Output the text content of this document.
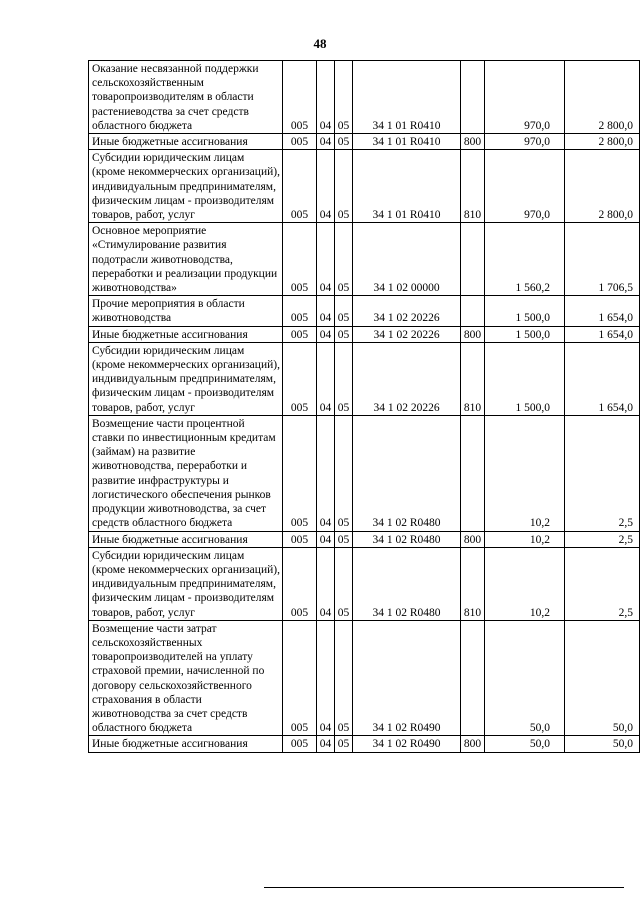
48
Оказание несвязанной поддержки сельскохозяйственным товаропроизводителям в области растениеводства за счет средств областного бюджета	005	04	05	34 1 01 R0410		970,0	2 800,0
Иные бюджетные ассигнования	005	04	05	34 1 01 R0410	800	970,0	2 800,0
Субсидии юридическим лицам (кроме некоммерческих организаций), индивидуальным предпринимателям, физическим лицам - производителям товаров, работ, услуг	005	04	05	34 1 01 R0410	810	970,0	2 800,0
Основное мероприятие «Стимулирование развития подотрасли животноводства, переработки и реализации продукции животноводства»	005	04	05	34 1 02 00000		1 560,2	1 706,5
Прочие мероприятия в области животноводства	005	04	05	34 1 02 20226		1 500,0	1 654,0
Иные бюджетные ассигнования	005	04	05	34 1 02 20226	800	1 500,0	1 654,0
Субсидии юридическим лицам (кроме некоммерческих организаций), индивидуальным предпринимателям, физическим лицам - производителям товаров, работ, услуг	005	04	05	34 1 02 20226	810	1 500,0	1 654,0
Возмещение части процентной ставки по инвестиционным кредитам (займам) на развитие животноводства, переработки и развитие инфраструктуры и логистического обеспечения рынков продукции животноводства, за счет средств областного бюджета	005	04	05	34 1 02 R0480		10,2	2,5
Иные бюджетные ассигнования	005	04	05	34 1 02 R0480	800	10,2	2,5
Субсидии юридическим лицам (кроме некоммерческих организаций), индивидуальным предпринимателям, физическим лицам - производителям товаров, работ, услуг	005	04	05	34 1 02 R0480	810	10,2	2,5
Возмещение части затрат сельскохозяйственных товаропроизводителей на уплату страховой премии, начисленной по договору сельскохозяйственного страхования в области животноводства за счет средств областного бюджета	005	04	05	34 1 02 R0490		50,0	50,0
Иные бюджетные ассигнования	005	04	05	34 1 02 R0490	800	50,0	50,0
